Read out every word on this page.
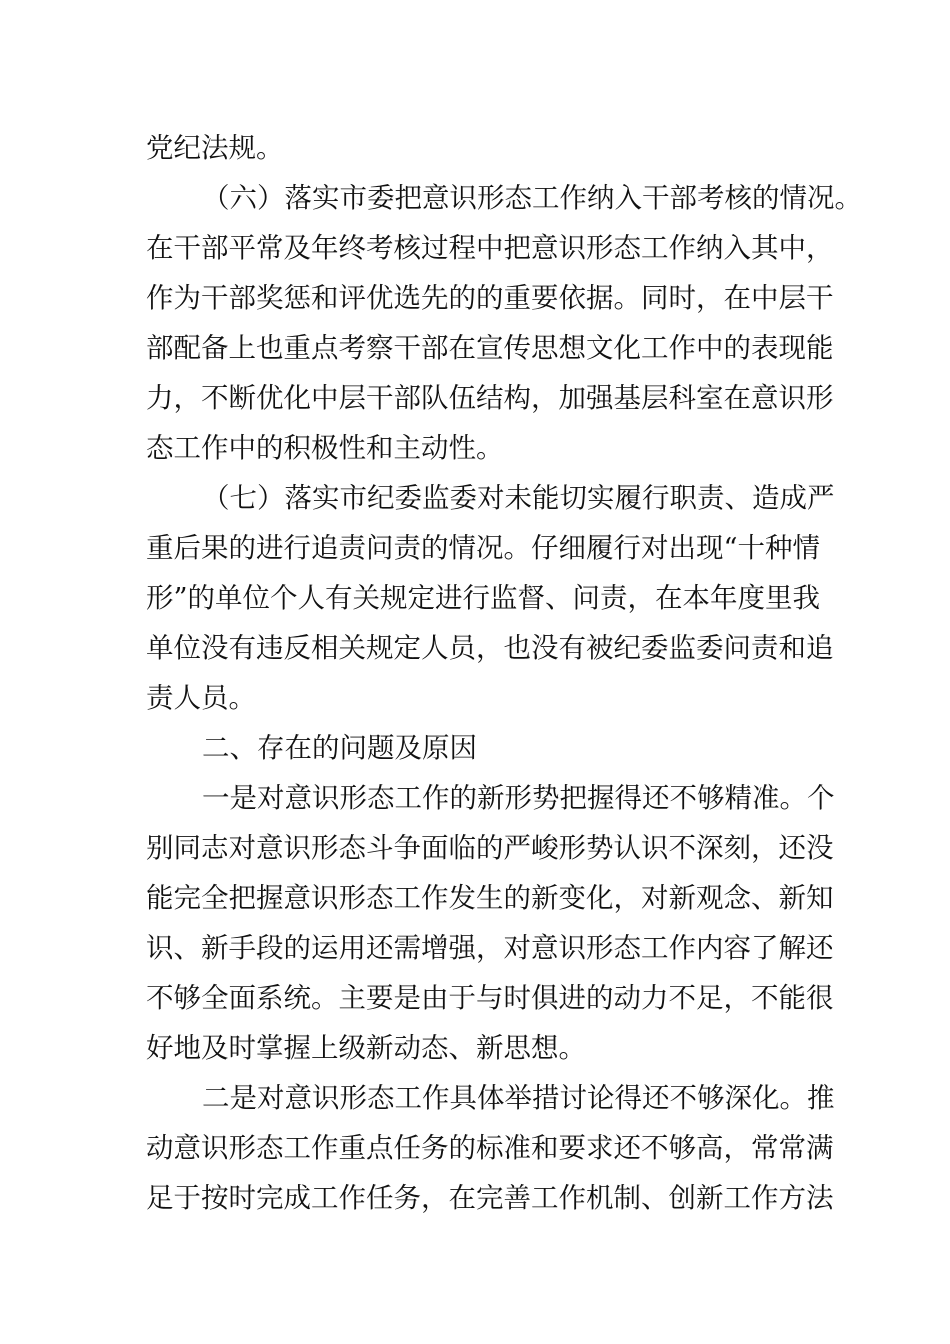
党纪法规。
（六）落实市委把意识形态工作纳入干部考核的情况。
在干部平常及年终考核过程中把意识形态工作纳入其中，
作为干部奖惩和评优选先的的重要依据。同时，在中层干
部配备上也重点考察干部在宣传思想文化工作中的表现能
力，不断优化中层干部队伍结构，加强基层科室在意识形
态工作中的积极性和主动性。
（七）落实市纪委监委对未能切实履行职责、造成严
重后果的进行追责问责的情况。仔细履行对出现“十种情
形”的单位个人有关规定进行监督、问责，在本年度里我
单位没有违反相关规定人员，也没有被纪委监委问责和追
责人员。
二、存在的问题及原因
一是对意识形态工作的新形势把握得还不够精准。个
别同志对意识形态斗争面临的严峻形势认识不深刻，还没
能完全把握意识形态工作发生的新变化，对新观念、新知
识、新手段的运用还需增强，对意识形态工作内容了解还
不够全面系统。主要是由于与时俱进的动力不足，不能很
好地及时掌握上级新动态、新思想。
二是对意识形态工作具体举措讨论得还不够深化。推
动意识形态工作重点任务的标准和要求还不够高，常常满
足于按时完成工作任务，在完善工作机制、创新工作方法
